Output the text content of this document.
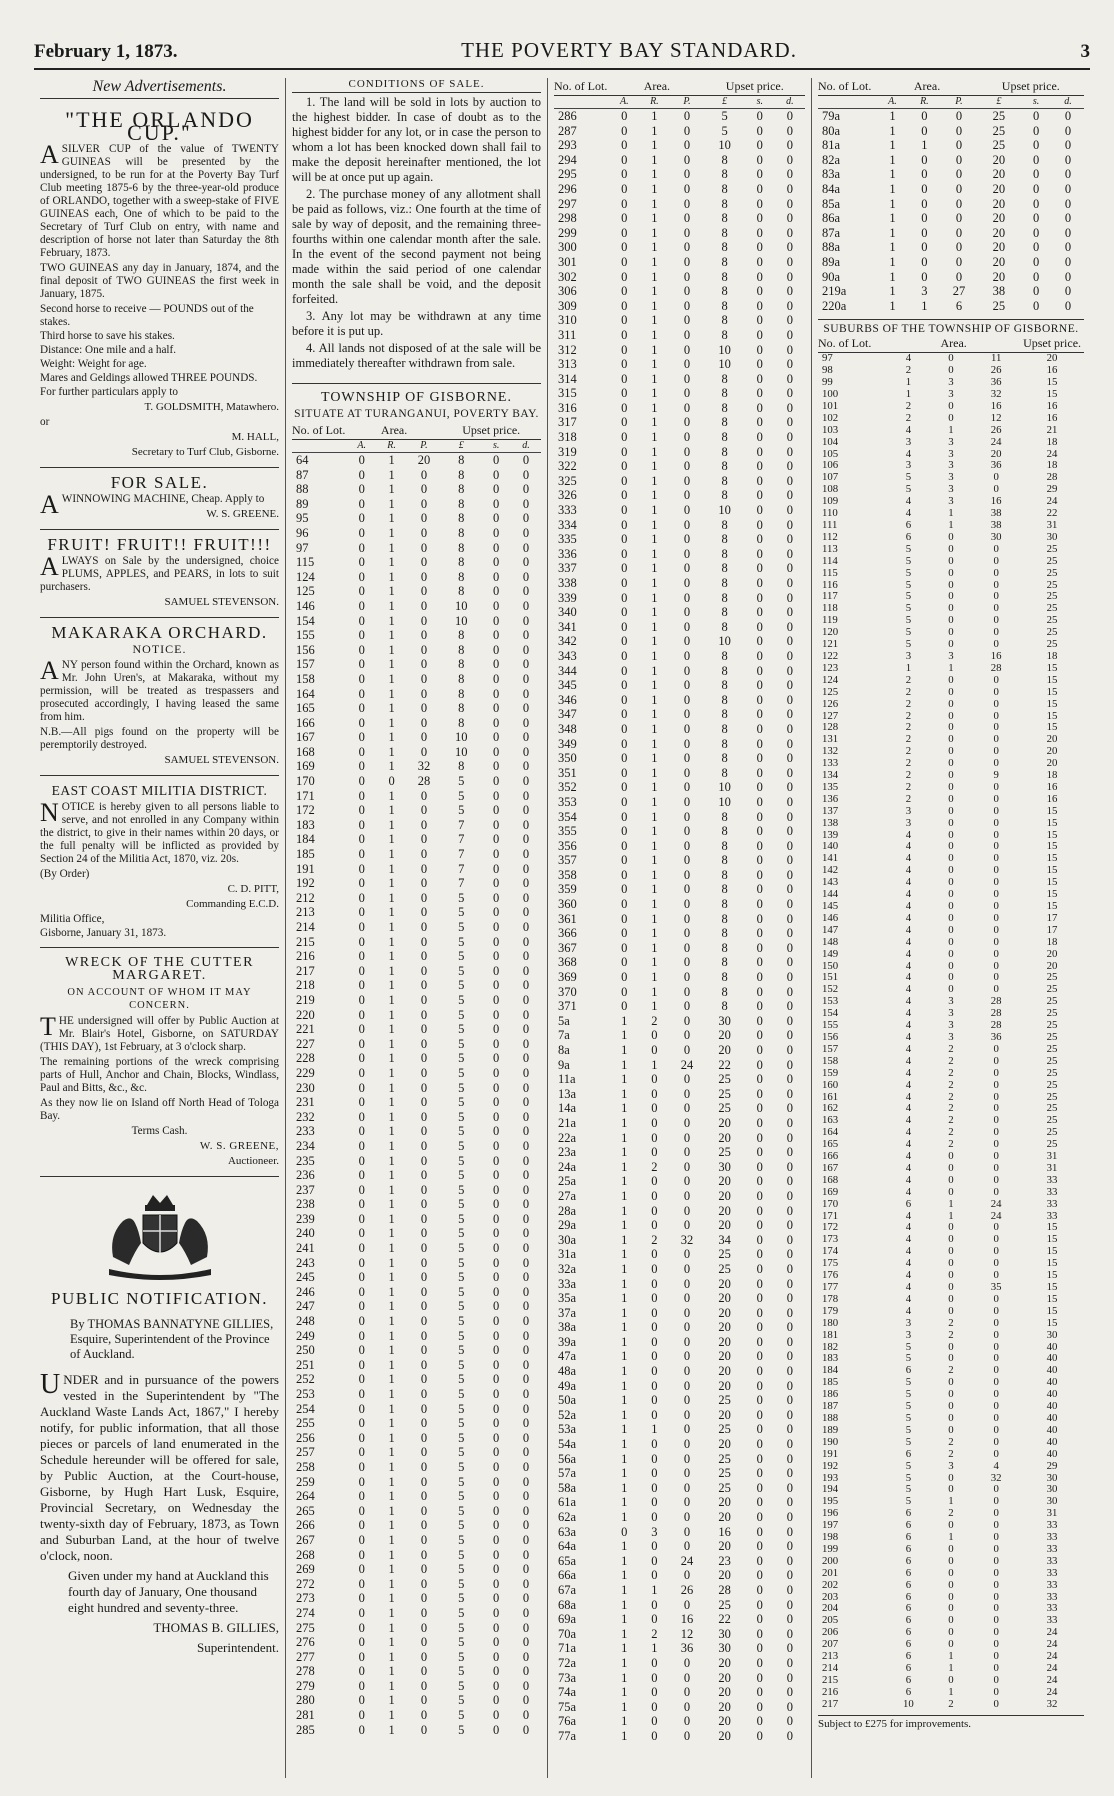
February 1, 1873.	THE POVERTY BAY STANDARD.	3
New Advertisements.
"THE ORLANDO CUP."

ASILVER CUP of the value of TWENTY GUINEAS will be presented by the undersigned, to be run for at the Poverty Bay Turf Club meeting 1875-6 by the three-year-old produce of ORLANDO, together with a sweep-stake of FIVE GUINEAS each, One of which to be paid to the Secretary of Turf Club on entry, with name and description of horse not later than Saturday the 8th February, 1873.

TWO GUINEAS any day in January, 1874, and the final deposit of TWO GUINEAS the first week in January, 1875.

Second horse to receive — POUNDS out of the stakes.

Third horse to save his stakes.

Distance: One mile and a half.

Weight: Weight for age.

Mares and Geldings allowed THREE POUNDS.

For further particulars apply to

T. GOLDSMITH, Matawhero.

or

M. HALL,

Secretary to Turf Club, Gisborne.

FOR SALE.

AWINNOWING MACHINE, Cheap. Apply to

W. S. GREENE.

FRUIT! FRUIT!! FRUIT!!!

ALWAYS on Sale by the undersigned, choice PLUMS, APPLES, and PEARS, in lots to suit purchasers.

SAMUEL STEVENSON.

MAKARAKA ORCHARD.
NOTICE.

ANY person found within the Orchard, known as Mr. John Uren's, at Makaraka, without my permission, will be treated as trespassers and prosecuted accordingly, I having leased the same from him.

N.B.—All pigs found on the property will be peremptorily destroyed.

SAMUEL STEVENSON.

EAST COAST MILITIA DISTRICT.

NOTICE is hereby given to all persons liable to serve, and not enrolled in any Company within the district, to give in their names within 20 days, or the full penalty will be inflicted as provided by Section 24 of the Militia Act, 1870, viz. 20s.

(By Order)

C. D. PITT,

Commanding E.C.D.

Militia Office,

Gisborne, January 31, 1873.

WRECK OF THE CUTTER MARGARET.
ON ACCOUNT OF WHOM IT MAY CONCERN.

THE undersigned will offer by Public Auction at Mr. Blair's Hotel, Gisborne, on SATURDAY (THIS DAY), 1st February, at 3 o'clock sharp.

The remaining portions of the wreck comprising parts of Hull, Anchor and Chain, Blocks, Windlass, Paul and Bitts, &c., &c.

As they now lie on Island off North Head of Tologa Bay.

Terms Cash.

W. S. GREENE,

Auctioneer.

PUBLIC NOTIFICATION.
By THOMAS BANNATYNE GILLIES, Esquire, Superintendent of the Province of Auckland.
UNDER and in pursuance of the powers vested in the Superintendent by "The Auckland Waste Lands Act, 1867," I hereby notify, for public information, that all those pieces or parcels of land enumerated in the Schedule hereunder will be offered for sale, by Public Auction, at the Court-house, Gisborne, by Hugh Hart Lusk, Esquire, Provincial Secretary, on Wednesday the twenty-sixth day of February, 1873, as Town and Suburban Land, at the hour of twelve o'clock, noon.
Given under my hand at Auckland this fourth day of January, One thousand eight hundred and seventy-three.
THOMAS B. GILLIES,
Superintendent.
CONDITIONS OF SALE.

1. The land will be sold in lots by auction to the highest bidder. In case of doubt as to the highest bidder for any lot, or in case the person to whom a lot has been knocked down shall fail to make the deposit hereinafter mentioned, the lot will be at once put up again.

2. The purchase money of any allotment shall be paid as follows, viz.: One fourth at the time of sale by way of deposit, and the remaining three-fourths within one calendar month after the sale. In the event of the second payment not being made within the said period of one calendar month the sale shall be void, and the deposit forfeited.

3. Any lot may be withdrawn at any time before it is put up.

4. All lands not disposed of at the sale will be immediately thereafter withdrawn from sale.

TOWNSHIP OF GISBORNE.
SITUATE AT TURANGANUI, POVERTY BAY.
No. of Lot.	Area.			Upset price.		
	A.	R.	P.	£	s.	d.
64	0	1	20	8	0	0
87	0	1	0	8	0	0
88	0	1	0	8	0	0
89	0	1	0	8	0	0
95	0	1	0	8	0	0
96	0	1	0	8	0	0
97	0	1	0	8	0	0
115	0	1	0	8	0	0
124	0	1	0	8	0	0
125	0	1	0	8	0	0
146	0	1	0	10	0	0
154	0	1	0	10	0	0
155	0	1	0	8	0	0
156	0	1	0	8	0	0
157	0	1	0	8	0	0
158	0	1	0	8	0	0
164	0	1	0	8	0	0
165	0	1	0	8	0	0
166	0	1	0	8	0	0
167	0	1	0	10	0	0
168	0	1	0	10	0	0
169	0	1	32	8	0	0
170	0	0	28	5	0	0
171	0	1	0	5	0	0
172	0	1	0	5	0	0
183	0	1	0	7	0	0
184	0	1	0	7	0	0
185	0	1	0	7	0	0
191	0	1	0	7	0	0
192	0	1	0	7	0	0
212	0	1	0	5	0	0
213	0	1	0	5	0	0
214	0	1	0	5	0	0
215	0	1	0	5	0	0
216	0	1	0	5	0	0
217	0	1	0	5	0	0
218	0	1	0	5	0	0
219	0	1	0	5	0	0
220	0	1	0	5	0	0
221	0	1	0	5	0	0
227	0	1	0	5	0	0
228	0	1	0	5	0	0
229	0	1	0	5	0	0
230	0	1	0	5	0	0
231	0	1	0	5	0	0
232	0	1	0	5	0	0
233	0	1	0	5	0	0
234	0	1	0	5	0	0
235	0	1	0	5	0	0
236	0	1	0	5	0	0
237	0	1	0	5	0	0
238	0	1	0	5	0	0
239	0	1	0	5	0	0
240	0	1	0	5	0	0
241	0	1	0	5	0	0
243	0	1	0	5	0	0
245	0	1	0	5	0	0
246	0	1	0	5	0	0
247	0	1	0	5	0	0
248	0	1	0	5	0	0
249	0	1	0	5	0	0
250	0	1	0	5	0	0
251	0	1	0	5	0	0
252	0	1	0	5	0	0
253	0	1	0	5	0	0
254	0	1	0	5	0	0
255	0	1	0	5	0	0
256	0	1	0	5	0	0
257	0	1	0	5	0	0
258	0	1	0	5	0	0
259	0	1	0	5	0	0
264	0	1	0	5	0	0
265	0	1	0	5	0	0
266	0	1	0	5	0	0
267	0	1	0	5	0	0
268	0	1	0	5	0	0
269	0	1	0	5	0	0
272	0	1	0	5	0	0
273	0	1	0	5	0	0
274	0	1	0	5	0	0
275	0	1	0	5	0	0
276	0	1	0	5	0	0
277	0	1	0	5	0	0
278	0	1	0	5	0	0
279	0	1	0	5	0	0
280	0	1	0	5	0	0
281	0	1	0	5	0	0
285	0	1	0	5	0	0
No. of Lot.	Area.			Upset price.		
	A.	R.	P.	£	s.	d.
286	0	1	0	5	0	0
287	0	1	0	5	0	0
293	0	1	0	10	0	0
294	0	1	0	8	0	0
295	0	1	0	8	0	0
296	0	1	0	8	0	0
297	0	1	0	8	0	0
298	0	1	0	8	0	0
299	0	1	0	8	0	0
300	0	1	0	8	0	0
301	0	1	0	8	0	0
302	0	1	0	8	0	0
306	0	1	0	8	0	0
309	0	1	0	8	0	0
310	0	1	0	8	0	0
311	0	1	0	8	0	0
312	0	1	0	10	0	0
313	0	1	0	10	0	0
314	0	1	0	8	0	0
315	0	1	0	8	0	0
316	0	1	0	8	0	0
317	0	1	0	8	0	0
318	0	1	0	8	0	0
319	0	1	0	8	0	0
322	0	1	0	8	0	0
325	0	1	0	8	0	0
326	0	1	0	8	0	0
333	0	1	0	10	0	0
334	0	1	0	8	0	0
335	0	1	0	8	0	0
336	0	1	0	8	0	0
337	0	1	0	8	0	0
338	0	1	0	8	0	0
339	0	1	0	8	0	0
340	0	1	0	8	0	0
341	0	1	0	8	0	0
342	0	1	0	10	0	0
343	0	1	0	8	0	0
344	0	1	0	8	0	0
345	0	1	0	8	0	0
346	0	1	0	8	0	0
347	0	1	0	8	0	0
348	0	1	0	8	0	0
349	0	1	0	8	0	0
350	0	1	0	8	0	0
351	0	1	0	8	0	0
352	0	1	0	10	0	0
353	0	1	0	10	0	0
354	0	1	0	8	0	0
355	0	1	0	8	0	0
356	0	1	0	8	0	0
357	0	1	0	8	0	0
358	0	1	0	8	0	0
359	0	1	0	8	0	0
360	0	1	0	8	0	0
361	0	1	0	8	0	0
366	0	1	0	8	0	0
367	0	1	0	8	0	0
368	0	1	0	8	0	0
369	0	1	0	8	0	0
370	0	1	0	8	0	0
371	0	1	0	8	0	0
5a	1	2	0	30	0	0
7a	1	0	0	20	0	0
8a	1	0	0	20	0	0
9a	1	1	24	22	0	0
11a	1	0	0	25	0	0
13a	1	0	0	25	0	0
14a	1	0	0	25	0	0
21a	1	0	0	20	0	0
22a	1	0	0	20	0	0
23a	1	0	0	25	0	0
24a	1	2	0	30	0	0
25a	1	0	0	20	0	0
27a	1	0	0	20	0	0
28a	1	0	0	20	0	0
29a	1	0	0	20	0	0
30a	1	2	32	34	0	0
31a	1	0	0	25	0	0
32a	1	0	0	25	0	0
33a	1	0	0	20	0	0
35a	1	0	0	20	0	0
37a	1	0	0	20	0	0
38a	1	0	0	20	0	0
39a	1	0	0	20	0	0
47a	1	0	0	20	0	0
48a	1	0	0	20	0	0
49a	1	0	0	20	0	0
50a	1	0	0	25	0	0
52a	1	0	0	20	0	0
53a	1	1	0	25	0	0
54a	1	0	0	20	0	0
56a	1	0	0	25	0	0
57a	1	0	0	25	0	0
58a	1	0	0	25	0	0
61a	1	0	0	20	0	0
62a	1	0	0	20	0	0
63a	0	3	0	16	0	0
64a	1	0	0	20	0	0
65a	1	0	24	23	0	0
66a	1	0	0	20	0	0
67a	1	1	26	28	0	0
68a	1	0	0	25	0	0
69a	1	0	16	22	0	0
70a	1	2	12	30	0	0
71a	1	1	36	30	0	0
72a	1	0	0	20	0	0
73a	1	0	0	20	0	0
74a	1	0	0	20	0	0
75a	1	0	0	20	0	0
76a	1	0	0	20	0	0
77a	1	0	0	20	0	0
No. of Lot.	Area.			Upset price.		
	A.	R.	P.	£	s.	d.
79a	1	0	0	25	0	0
80a	1	0	0	25	0	0
81a	1	1	0	25	0	0
82a	1	0	0	20	0	0
83a	1	0	0	20	0	0
84a	1	0	0	20	0	0
85a	1	0	0	20	0	0
86a	1	0	0	20	0	0
87a	1	0	0	20	0	0
88a	1	0	0	20	0	0
89a	1	0	0	20	0	0
90a	1	0	0	20	0	0
219a	1	3	27	38	0	0
220a	1	1	6	25	0	0
SUBURBS OF THE TOWNSHIP OF GISBORNE.
No. of Lot.	Area.			Upset price.
97	4	0	11	20
98	2	0	26	16
99	1	3	36	15
100	1	3	32	15
101	2	0	16	16
102	2	0	12	16
103	4	1	26	21
104	3	3	24	18
105	4	3	20	24
106	3	3	36	18
107	5	3	0	28
108	5	3	0	29
109	4	3	16	24
110	4	1	38	22
111	6	1	38	31
112	6	0	30	30
113	5	0	0	25
114	5	0	0	25
115	5	0	0	25
116	5	0	0	25
117	5	0	0	25
118	5	0	0	25
119	5	0	0	25
120	5	0	0	25
121	5	0	0	25
122	3	3	16	18
123	1	1	28	15
124	2	0	0	15
125	2	0	0	15
126	2	0	0	15
127	2	0	0	15
128	2	0	0	15
131	2	0	0	20
132	2	0	0	20
133	2	0	0	20
134	2	0	9	18
135	2	0	0	16
136	2	0	0	16
137	3	0	0	15
138	3	0	0	15
139	4	0	0	15
140	4	0	0	15
141	4	0	0	15
142	4	0	0	15
143	4	0	0	15
144	4	0	0	15
145	4	0	0	15
146	4	0	0	17
147	4	0	0	17
148	4	0	0	18
149	4	0	0	20
150	4	0	0	20
151	4	0	0	25
152	4	0	0	25
153	4	3	28	25
154	4	3	28	25
155	4	3	28	25
156	4	3	36	25
157	4	2	0	25
158	4	2	0	25
159	4	2	0	25
160	4	2	0	25
161	4	2	0	25
162	4	2	0	25
163	4	2	0	25
164	4	2	0	25
165	4	2	0	25
166	4	0	0	31
167	4	0	0	31
168	4	0	0	33
169	4	0	0	33
170	6	1	24	33
171	4	1	24	33
172	4	0	0	15
173	4	0	0	15
174	4	0	0	15
175	4	0	0	15
176	4	0	0	15
177	4	0	35	15
178	4	0	0	15
179	4	0	0	15
180	3	2	0	15
181	3	2	0	30
182	5	0	0	40
183	5	0	0	40
184	6	2	0	40
185	5	0	0	40
186	5	0	0	40
187	5	0	0	40
188	5	0	0	40
189	5	0	0	40
190	5	2	0	40
191	6	2	0	40
192	5	3	4	29
193	5	0	32	30
194	5	0	0	30
195	5	1	0	30
196	6	2	0	31
197	6	0	0	33
198	6	1	0	33
199	6	0	0	33
200	6	0	0	33
201	6	0	0	33
202	6	0	0	33
203	6	0	0	33
204	6	0	0	33
205	6	0	0	33
206	6	0	0	24
207	6	0	0	24
213	6	1	0	24
214	6	1	0	24
215	6	0	0	24
216	6	1	0	24
217	10	2	0	32
Subject to £275 for improvements.
